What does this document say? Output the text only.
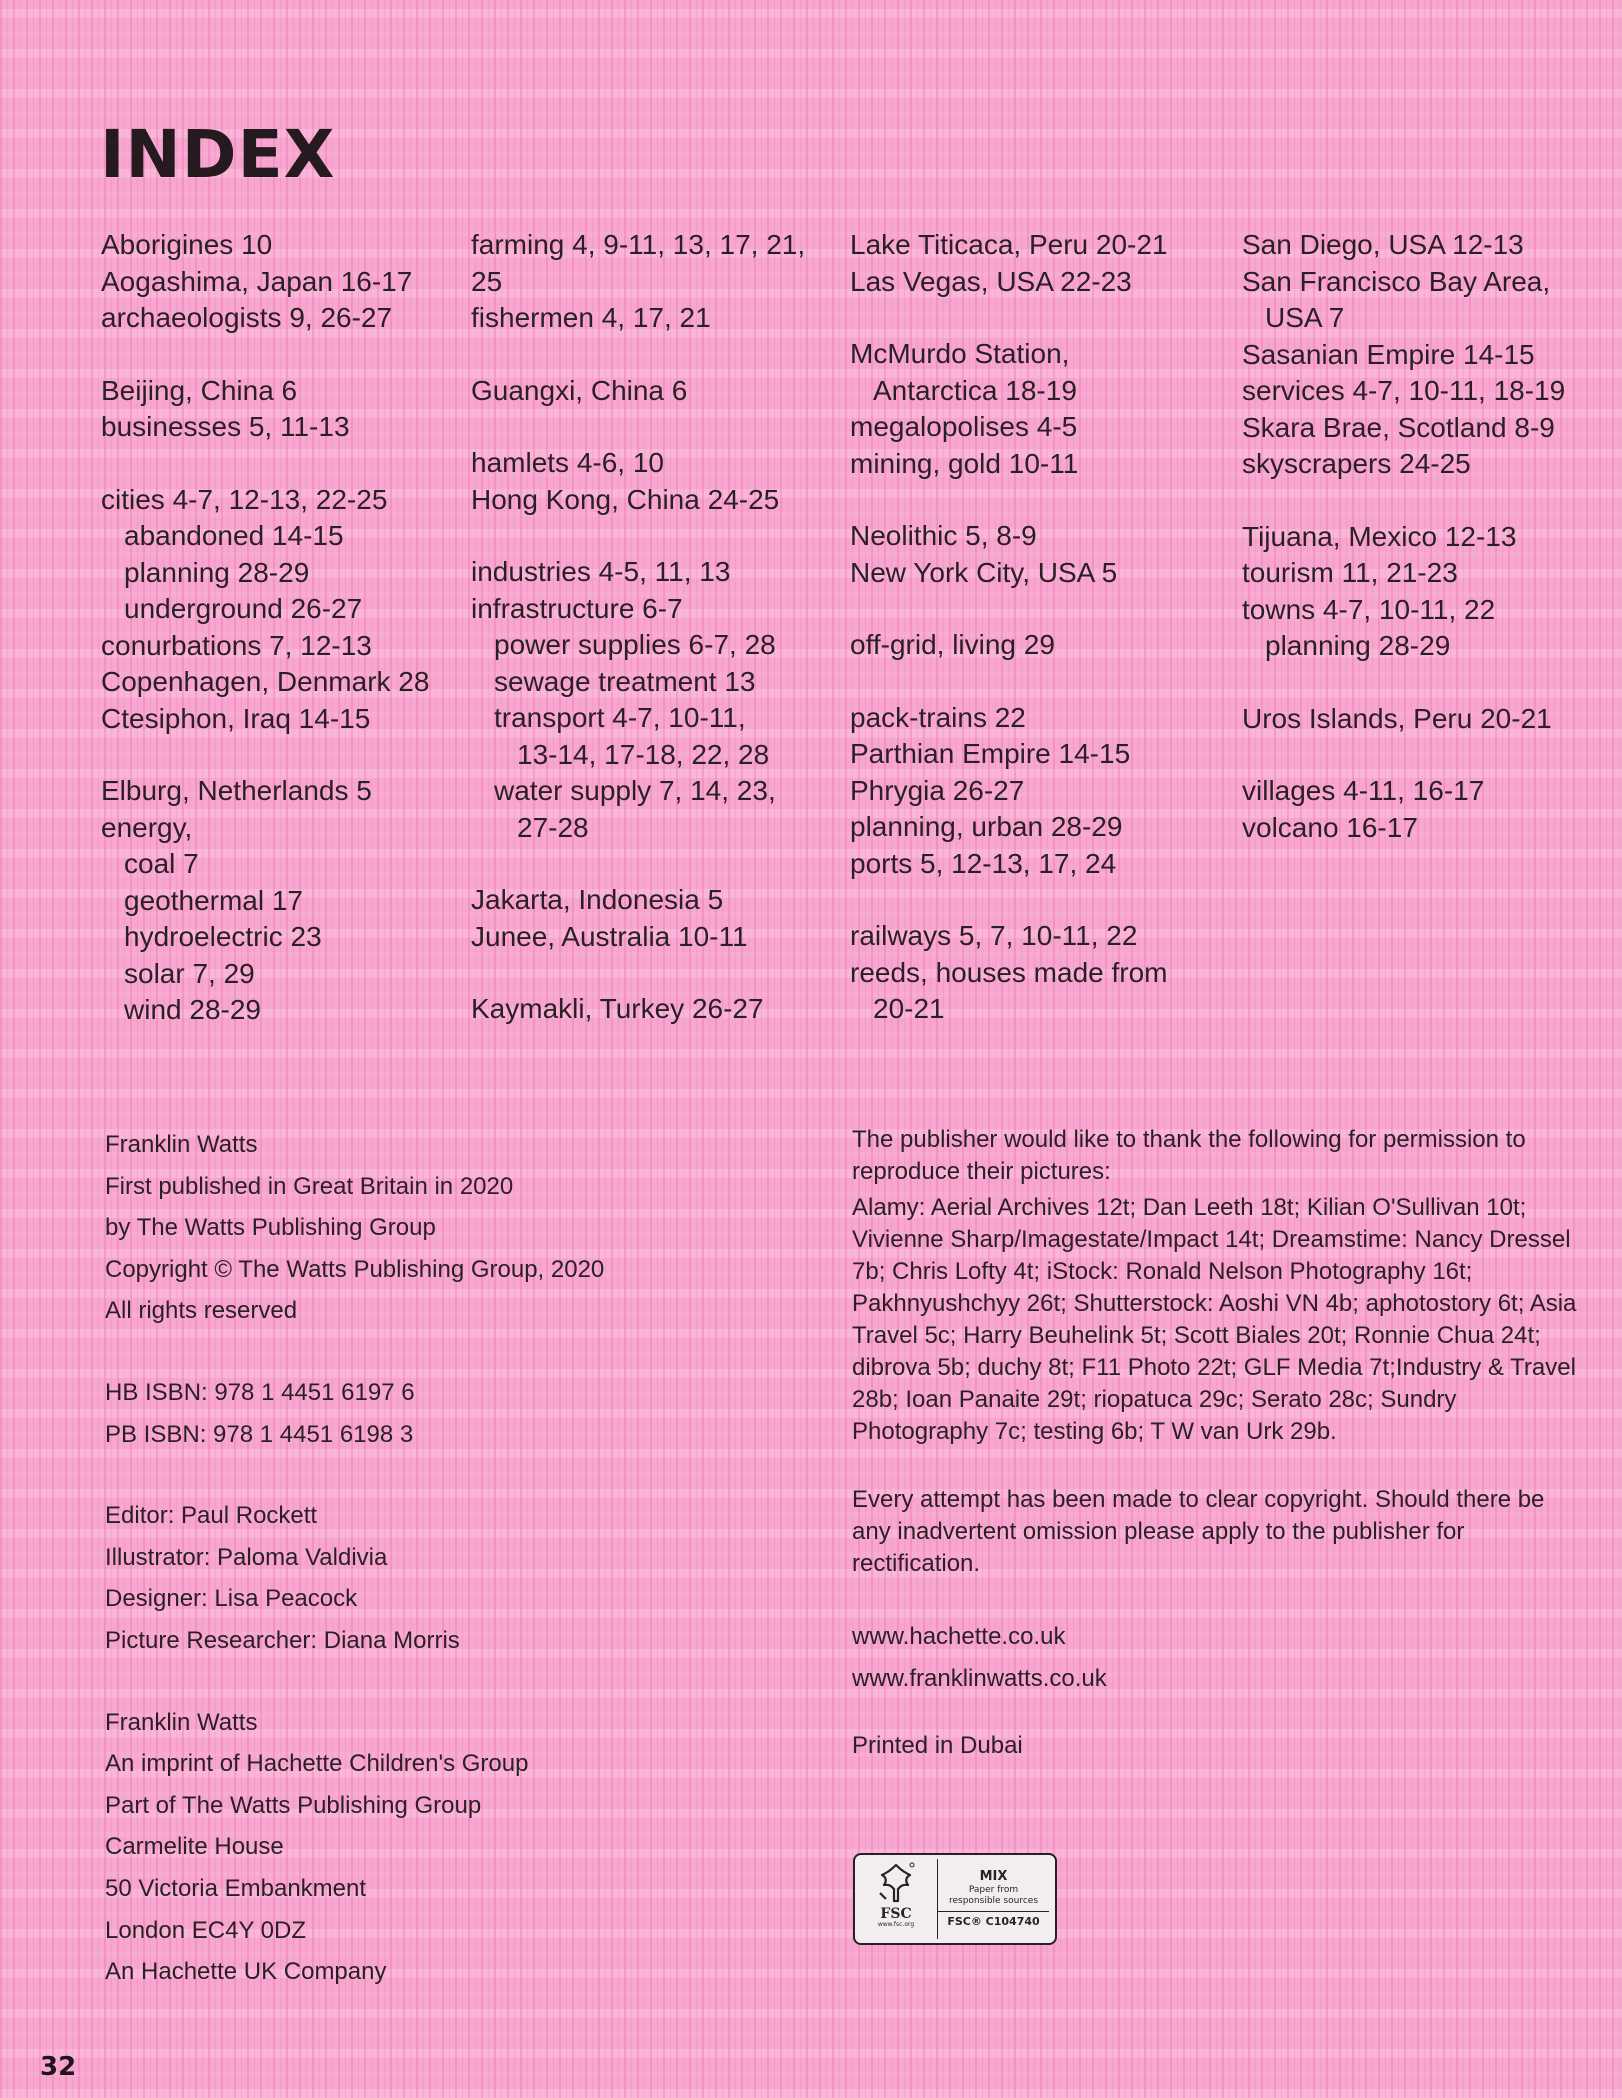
INDEX
Aborigines 10
Aogashima, Japan 16-17
archaeologists 9, 26-27
Beijing, China 6
businesses 5, 11-13
cities 4-7, 12-13, 22-25
abandoned 14-15
planning 28-29
underground 26-27
conurbations 7, 12-13
Copenhagen, Denmark 28
Ctesiphon, Iraq 14-15
Elburg, Netherlands 5
energy,
coal 7
geothermal 17
hydroelectric 23
solar 7, 29
wind 28-29
farming 4, 9-11, 13, 17, 21, 25
fishermen 4, 17, 21
Guangxi, China 6
hamlets 4-6, 10
Hong Kong, China 24-25
industries 4-5, 11, 13
infrastructure 6-7
power supplies 6-7, 28
sewage treatment 13
transport 4-7, 10-11,
13-14, 17-18, 22, 28
water supply 7, 14, 23,
27-28
Jakarta, Indonesia 5
Junee, Australia 10-11
Kaymakli, Turkey 26-27
Lake Titicaca, Peru 20-21
Las Vegas, USA 22-23
McMurdo Station,
Antarctica 18-19
megalopolises 4-5
mining, gold 10-11
Neolithic 5, 8-9
New York City, USA 5
off-grid, living 29
pack-trains 22
Parthian Empire 14-15
Phrygia 26-27
planning, urban 28-29
ports 5, 12-13, 17, 24
railways 5, 7, 10-11, 22
reeds, houses made from
20-21
San Diego, USA 12-13
San Francisco Bay Area,
USA 7
Sasanian Empire 14-15
services 4-7, 10-11, 18-19
Skara Brae, Scotland 8-9
skyscrapers 24-25
Tijuana, Mexico 12-13
tourism 11, 21-23
towns 4-7, 10-11, 22
planning 28-29
Uros Islands, Peru 20-21
villages 4-11, 16-17
volcano 16-17
Franklin Watts
First published in Great Britain in 2020
by The Watts Publishing Group
Copyright © The Watts Publishing Group, 2020
All rights reserved
HB ISBN: 978 1 4451 6197 6
PB ISBN: 978 1 4451 6198 3
Editor: Paul Rockett
Illustrator: Paloma Valdivia
Designer: Lisa Peacock
Picture Researcher: Diana Morris
Franklin Watts
An imprint of Hachette Children's Group
Part of The Watts Publishing Group
Carmelite House
50 Victoria Embankment
London EC4Y 0DZ
An Hachette UK Company

The publisher would like to thank the following for permission to reproduce their pictures:

Alamy: Aerial Archives 12t; Dan Leeth 18t; Kilian O'Sullivan 10t; Vivienne Sharp/Imagestate/Impact 14t; Dreamstime: Nancy Dressel 7b; Chris Lofty 4t; iStock: Ronald Nelson Photography 16t; Pakhnyushchyy 26t; Shutterstock: Aoshi VN 4b; aphotostory 6t; Asia Travel 5c; Harry Beuhelink 5t; Scott Biales 20t; Ronnie Chua 24t; dibrova 5b; duchy 8t; F11 Photo 22t; GLF Media 7t;Industry & Travel 28b; Ioan Panaite 29t; riopatuca 29c; Serato 28c; Sundry Photography 7c; testing 6b; T W van Urk 29b.

Every attempt has been made to clear copyright. Should there be any inadvertent omission please apply to the publisher for rectification.

www.hachette.co.uk
www.franklinwatts.co.uk

Printed in Dubai

FSC
www.fsc.org
MIX
Paper from
responsible sources
FSC® C104740
32
